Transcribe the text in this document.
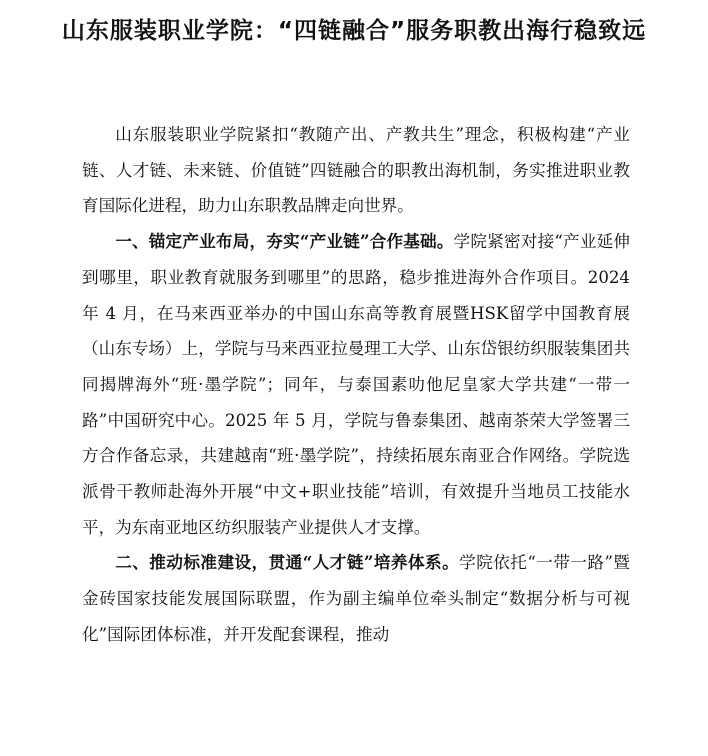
山东服装职业学院：“四链融合”服务职教出海行稳致远

山东服装职业学院紧扣“教随产出、产教共生”理念，积极构建“产业链、人才链、未来链、价值链”四链融合的职教出海机制，务实推进职业教育国际化进程，助力山东职教品牌走向世界。

一、锚定产业布局，夯实“产业链”合作基础。学院紧密对接“产业延伸到哪里，职业教育就服务到哪里”的思路，稳步推进海外合作项目。2024 年 4 月，在马来西亚举办的中国山东高等教育展暨HSK留学中国教育展（山东专场）上，学院与马来西亚拉曼理工大学、山东岱银纺织服装集团共同揭牌海外“班·墨学院”；同年，与泰国素叻他尼皇家大学共建“一带一路”中国研究中心。2025 年 5 月，学院与鲁泰集团、越南茶荣大学签署三方合作备忘录，共建越南“班·墨学院”，持续拓展东南亚合作网络。学院选派骨干教师赴海外开展“中文+职业技能”培训，有效提升当地员工技能水平，为东南亚地区纺织服装产业提供人才支撑。

二、推动标准建设，贯通“人才链”培养体系。学院依托“一带一路”暨金砖国家技能发展国际联盟，作为副主编单位牵头制定“数据分析与可视化”国际团体标准，并开发配套课程，推动
